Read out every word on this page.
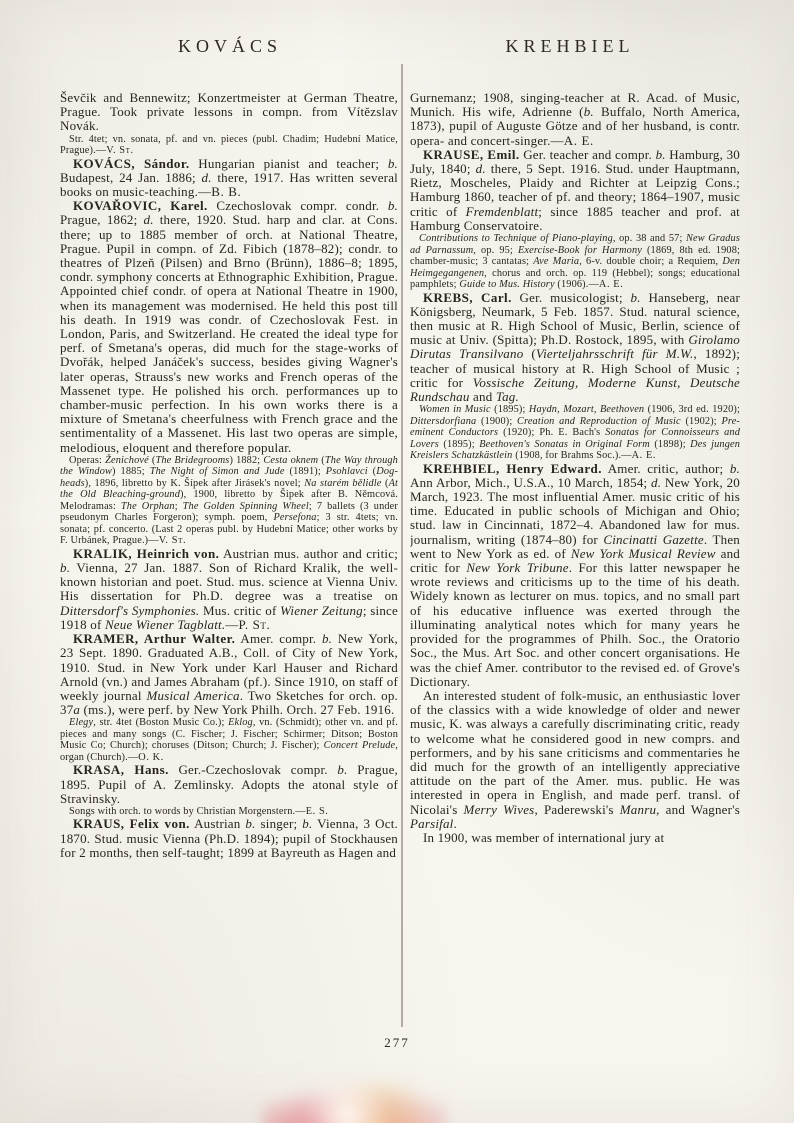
KOVÁCS	KREHBIEL

Ševčik and Bennewitz; Konzertmeister at German Theatre, Prague. Took private lessons in compn. from Vítězslav Novák.

Str. 4tet; vn. sonata, pf. and vn. pieces (publ. Chadim; Hudební Matice, Prague).—V. St.

KOVÁCS, Sándor. Hungarian pianist and teacher; b. Budapest, 24 Jan. 1886; d. there, 1917. Has written several books on music-teaching.—B. B.

KOVAŘOVIC, Karel. Czechoslovak compr. condr. b. Prague, 1862; d. there, 1920. Stud. harp and clar. at Cons. there; up to 1885 member of orch. at National Theatre, Prague. Pupil in compn. of Zd. Fibich (1878–82); condr. to theatres of Plzeň (Pilsen) and Brno (Brünn), 1886–8; 1895, condr. symphony concerts at Ethnographic Exhibition, Prague. Appointed chief condr. of opera at National Theatre in 1900, when its management was modernised. He held this post till his death. In 1919 was condr. of Czechoslovak Fest. in London, Paris, and Switzerland. He created the ideal type for perf. of Smetana's operas, did much for the stage-works of Dvořák, helped Janáček's success, besides giving Wagner's later operas, Strauss's new works and French operas of the Massenet type. He polished his orch. performances up to chamber-music perfection. In his own works there is a mixture of Smetana's cheerfulness with French grace and the sentimentality of a Massenet. His last two operas are simple, melodious, eloquent and therefore popular.

Operas: Ženichové (The Bridegrooms) 1882; Cesta oknem (The Way through the Window) 1885; The Night of Simon and Jude (1891); Psohlavci (Dog-heads), 1896, libretto by K. Šípek after Jirásek's novel; Na starém bělidle (At the Old Bleaching-ground), 1900, libretto by Šipek after B. Němcová. Melodramas: The Orphan; The Golden Spinning Wheel; 7 ballets (3 under pseudonym Charles Forgeron); symph. poem, Persefona; 3 str. 4tets; vn. sonata; pf. concerto. (Last 2 operas publ. by Hudební Matice; other works by F. Urbánek, Prague.)—V. St.

KRALIK, Heinrich von. Austrian mus. author and critic; b. Vienna, 27 Jan. 1887. Son of Richard Kralik, the well-known historian and poet. Stud. mus. science at Vienna Univ. His dissertation for Ph.D. degree was a treatise on Dittersdorf's Symphonies. Mus. critic of Wiener Zeitung; since 1918 of Neue Wiener Tagblatt.—P. St.

KRAMER, Arthur Walter. Amer. compr. b. New York, 23 Sept. 1890. Graduated A.B., Coll. of City of New York, 1910. Stud. in New York under Karl Hauser and Richard Arnold (vn.) and James Abraham (pf.). Since 1910, on staff of weekly journal Musical America. Two Sketches for orch. op. 37a (ms.), were perf. by New York Philh. Orch. 27 Feb. 1916.

Elegy, str. 4tet (Boston Music Co.); Eklog, vn. (Schmidt); other vn. and pf. pieces and many songs (C. Fischer; J. Fischer; Schirmer; Ditson; Boston Music Co; Church); choruses (Ditson; Church; J. Fischer); Concert Prelude, organ (Church).—O. K.

KRASA, Hans. Ger.-Czechoslovak compr. b. Prague, 1895. Pupil of A. Zemlinsky. Adopts the atonal style of Stravinsky.

Songs with orch. to words by Christian Morgenstern.—E. S.

KRAUS, Felix von. Austrian b. singer; b. Vienna, 3 Oct. 1870. Stud. music Vienna (Ph.D. 1894); pupil of Stockhausen for 2 months, then self-taught; 1899 at Bayreuth as Hagen and

Gurnemanz; 1908, singing-teacher at R. Acad. of Music, Munich. His wife, Adrienne (b. Buffalo, North America, 1873), pupil of Auguste Götze and of her husband, is contr. opera- and concert-singer.—A. E.

KRAUSE, Emil. Ger. teacher and compr. b. Hamburg, 30 July, 1840; d. there, 5 Sept. 1916. Stud. under Hauptmann, Rietz, Moscheles, Plaidy and Richter at Leipzig Cons.; Hamburg 1860, teacher of pf. and theory; 1864–1907, music critic of Fremdenblatt; since 1885 teacher and prof. at Hamburg Conservatoire.

Contributions to Technique of Piano-playing, op. 38 and 57; New Gradus ad Parnassum, op. 95; Exercise-Book for Harmony (1869, 8th ed. 1908; chamber-music; 3 cantatas; Ave Maria, 6-v. double choir; a Requiem, Den Heimgegangenen, chorus and orch. op. 119 (Hebbel); songs; educational pamphlets; Guide to Mus. History (1906).—A. E.

KREBS, Carl. Ger. musicologist; b. Hanseberg, near Königsberg, Neumark, 5 Feb. 1857. Stud. natural science, then music at R. High School of Music, Berlin, science of music at Univ. (Spitta); Ph.D. Rostock, 1895, with Girolamo Dirutas Transilvano (Vierteljahrsschrift für M.W., 1892); teacher of musical history at R. High School of Music ; critic for Vossische Zeitung, Moderne Kunst, Deutsche Rundschau and Tag.

Women in Music (1895); Haydn, Mozart, Beethoven (1906, 3rd ed. 1920); Dittersdorfiana (1900); Creation and Reproduction of Music (1902); Pre-eminent Conductors (1920); Ph. E. Bach's Sonatas for Connoisseurs and Lovers (1895); Beethoven's Sonatas in Original Form (1898); Des jungen Kreislers Schatzkästlein (1908, for Brahms Soc.).—A. E.

KREHBIEL, Henry Edward. Amer. critic, author; b. Ann Arbor, Mich., U.S.A., 10 March, 1854; d. New York, 20 March, 1923. The most influential Amer. music critic of his time. Educated in public schools of Michigan and Ohio; stud. law in Cincinnati, 1872–4. Abandoned law for mus. journalism, writing (1874–80) for Cincinatti Gazette. Then went to New York as ed. of New York Musical Review and critic for New York Tribune. For this latter newspaper he wrote reviews and criticisms up to the time of his death. Widely known as lecturer on mus. topics, and no small part of his educative influence was exerted through the illuminating analytical notes which for many years he provided for the programmes of Philh. Soc., the Oratorio Soc., the Mus. Art Soc. and other concert organisations. He was the chief Amer. contributor to the revised ed. of Grove's Dictionary.

An interested student of folk-music, an enthusiastic lover of the classics with a wide knowledge of older and newer music, K. was always a carefully discriminating critic, ready to welcome what he considered good in new comprs. and performers, and by his sane criticisms and commentaries he did much for the growth of an intelligently appreciative attitude on the part of the Amer. mus. public. He was interested in opera in English, and made perf. transl. of Nicolai's Merry Wives, Paderewski's Manru, and Wagner's Parsifal.

In 1900, was member of international jury at

277
